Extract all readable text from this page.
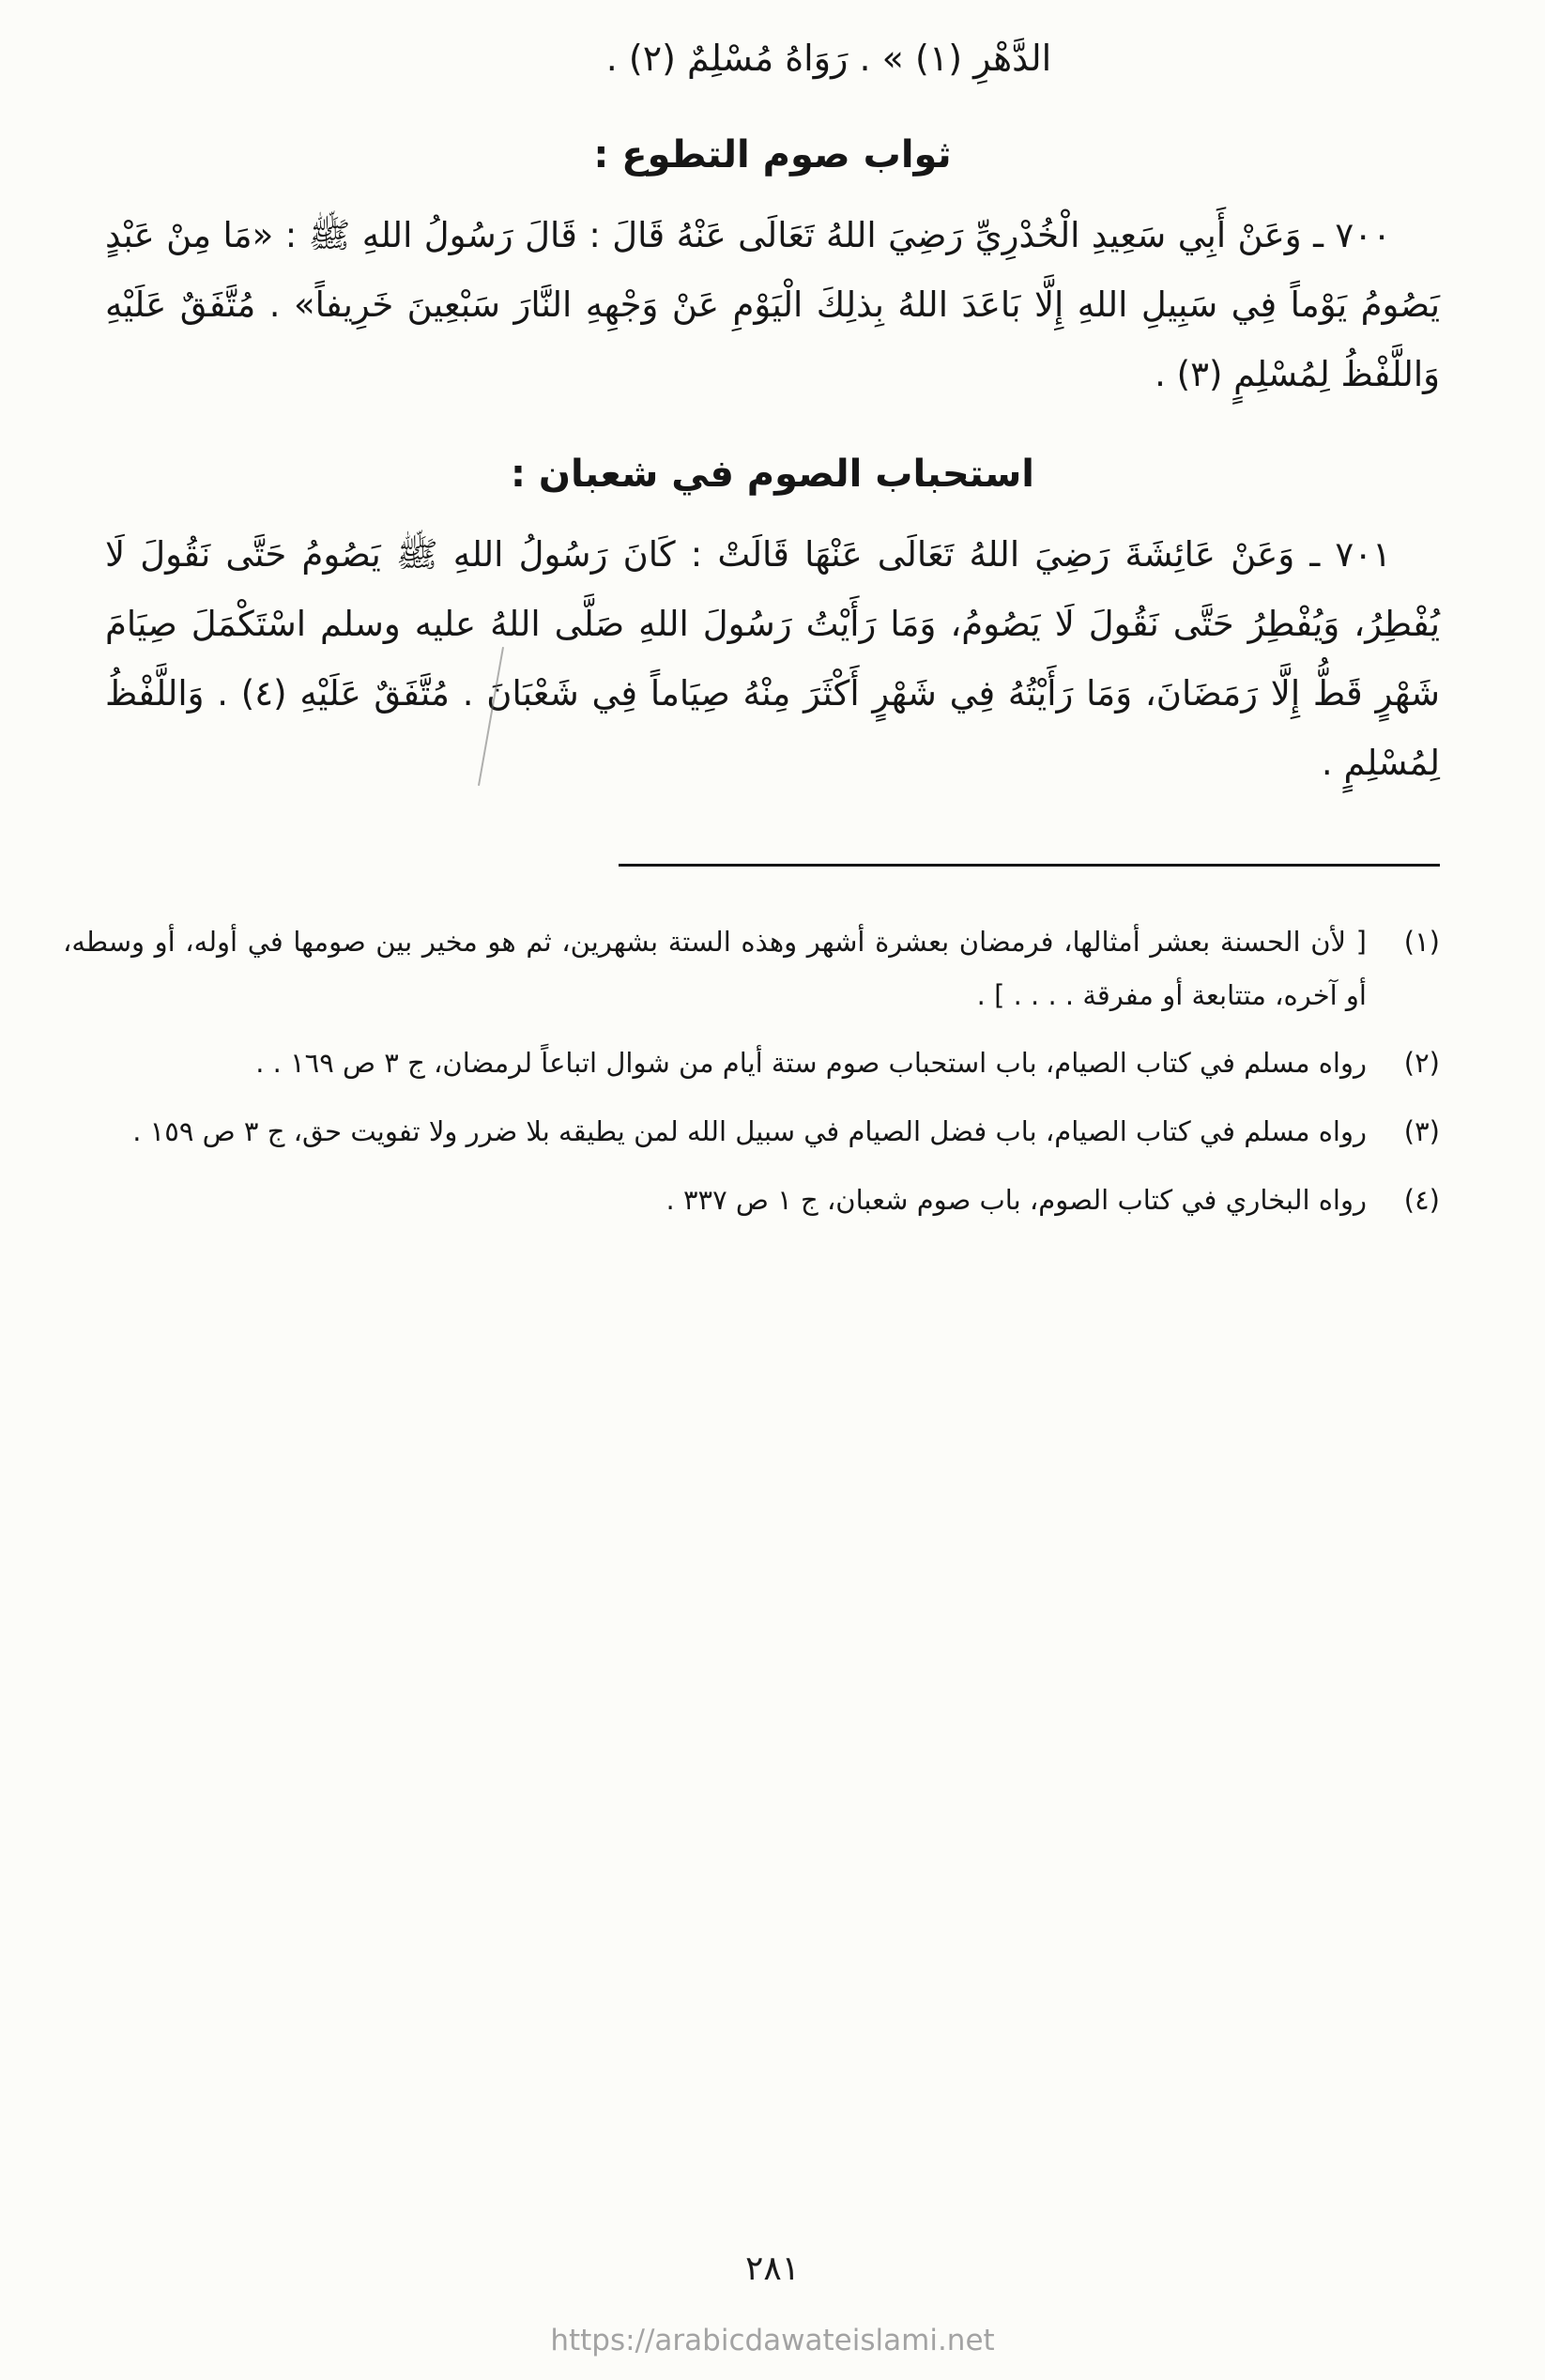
الدَّهْرِ (١) » . رَوَاهُ مُسْلِمٌ (٢) .
ثواب صوم التطوع :

٧٠٠ ـ وَعَنْ أَبِي سَعِيدِ الْخُدْرِيِّ رَضِيَ اللهُ تَعَالَى عَنْهُ قَالَ : قَالَ رَسُولُ اللهِ ﷺ : «مَا مِنْ عَبْدٍ يَصُومُ يَوْماً فِي سَبِيلِ اللهِ إِلَّا بَاعَدَ اللهُ بِذلِكَ الْيَوْمِ عَنْ وَجْهِهِ النَّارَ سَبْعِينَ خَرِيفاً» . مُتَّفَقٌ عَلَيْهِ وَاللَّفْظُ لِمُسْلِمٍ (٣) .

استحباب الصوم في شعبان :

٧٠١ ـ وَعَنْ عَائِشَةَ رَضِيَ اللهُ تَعَالَى عَنْهَا قَالَتْ : كَانَ رَسُولُ اللهِ ﷺ يَصُومُ حَتَّى نَقُولَ لَا يُفْطِرُ، وَيُفْطِرُ حَتَّى نَقُولَ لَا يَصُومُ، وَمَا رَأَيْتُ رَسُولَ اللهِ صَلَّى اللهُ عليه وسلم اسْتَكْمَلَ صِيَامَ شَهْرٍ قَطُّ إِلَّا رَمَضَانَ، وَمَا رَأَيْتُهُ فِي شَهْرٍ أَكْثَرَ مِنْهُ صِيَاماً فِي شَعْبَانَ . مُتَّفَقٌ عَلَيْهِ (٤) . وَاللَّفْظُ لِمُسْلِمٍ .

(١)
[ لأن الحسنة بعشر أمثالها، فرمضان بعشرة أشهر وهذه الستة بشهرين، ثم هو مخير بين صومها في أوله، أو وسطه، أو آخره، متتابعة أو مفرقة . . . . ] .
(٢)
رواه مسلم في كتاب الصيام، باب استحباب صوم ستة أيام من شوال اتباعاً لرمضان، ج ٣ ص ١٦٩ . .
(٣)
رواه مسلم في كتاب الصيام، باب فضل الصيام في سبيل الله لمن يطيقه بلا ضرر ولا تفويت حق، ج ٣ ص ١٥٩ .
(٤)
رواه البخاري في كتاب الصوم، باب صوم شعبان، ج ١ ص ٣٣٧ .
٢٨١
https://arabicdawateislami.net
